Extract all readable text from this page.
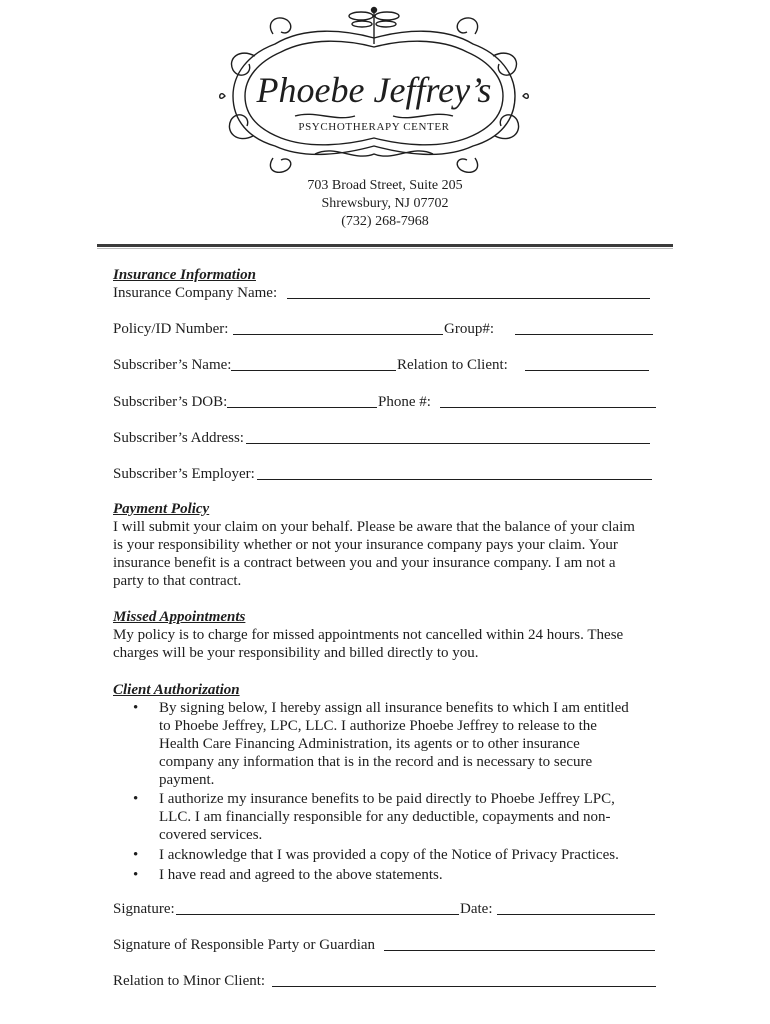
Phoebe Jeffrey’s
PSYCHOTHERAPY CENTER
703 Broad Street, Suite 205
Shrewsbury, NJ 07702
(732) 268-7968
Insurance Information
Insurance Company Name:
Policy/ID Number:	Group#:
Subscriber’s Name:	Relation to Client:
Subscriber’s DOB:	Phone #:
Subscriber’s Address:
Subscriber’s Employer:
Payment Policy
I will submit your claim on your behalf. Please be aware that the balance of your claim
is your responsibility whether or not your insurance company pays your claim. Your
insurance benefit is a contract between you and your insurance company. I am not a
party to that contract.
Missed Appointments
My policy is to charge for missed appointments not cancelled within 24 hours. These
charges will be your responsibility and billed directly to you.
Client Authorization
• By signing below, I hereby assign all insurance benefits to which I am entitled
to Phoebe Jeffrey, LPC, LLC. I authorize Phoebe Jeffrey to release to the
Health Care Financing Administration, its agents or to other insurance
company any information that is in the record and is necessary to secure
payment.
• I authorize my insurance benefits to be paid directly to Phoebe Jeffrey LPC,
LLC. I am financially responsible for any deductible, copayments and non-
covered services.
• I acknowledge that I was provided a copy of the Notice of Privacy Practices.
• I have read and agreed to the above statements.
Signature:	Date:
Signature of Responsible Party or Guardian
Relation to Minor Client:
